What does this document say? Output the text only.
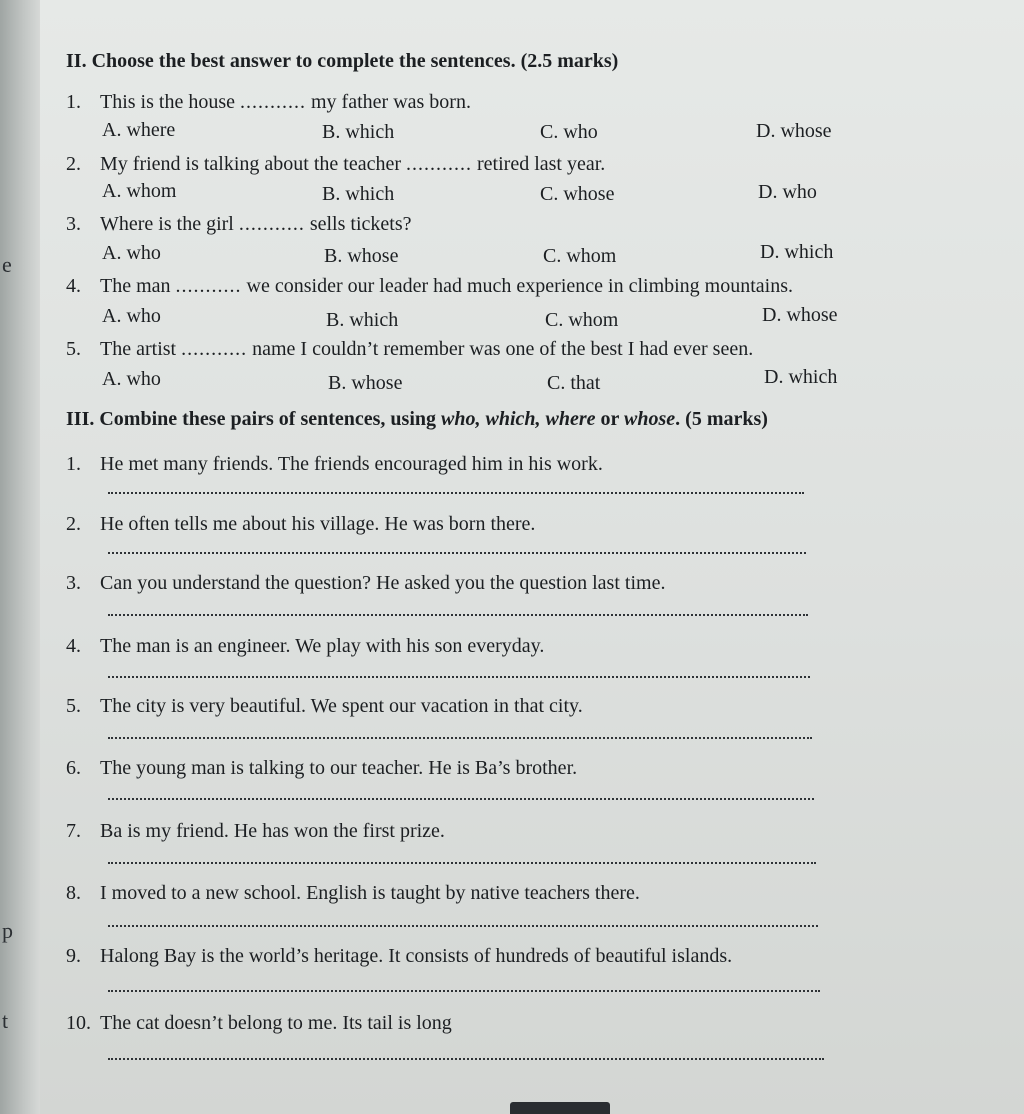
e
p
t
II. Choose the best answer to complete the sentences. (2.5 marks)
1. This is the house ........... my father was born.
A. where	B. which	C. who	D. whose
2. My friend is talking about the teacher ........... retired last year.
A. whom	B. which	C. whose	D. who
3. Where is the girl ........... sells tickets?
A. who	B. whose	C. whom	D. which
4. The man ........... we consider our leader had much experience in climbing mountains.
A. who	B. which	C. whom	D. whose
5. The artist ........... name I couldn’t remember was one of the best I had ever seen.
A. who	B. whose	C. that	D. which
III. Combine these pairs of sentences, using who, which, where or whose. (5 marks)
1. He met many friends. The friends encouraged him in his work.
2. He often tells me about his village. He was born there.
3. Can you understand the question? He asked you the question last time.
4. The man is an engineer. We play with his son everyday.
5. The city is very beautiful. We spent our vacation in that city.
6. The young man is talking to our teacher. He is Ba’s brother.
7. Ba is my friend. He has won the first prize.
8. I moved to a new school. English is taught by native teachers there.
9. Halong Bay is the world’s heritage. It consists of hundreds of beautiful islands.
10. The cat doesn’t belong to me. Its tail is long
